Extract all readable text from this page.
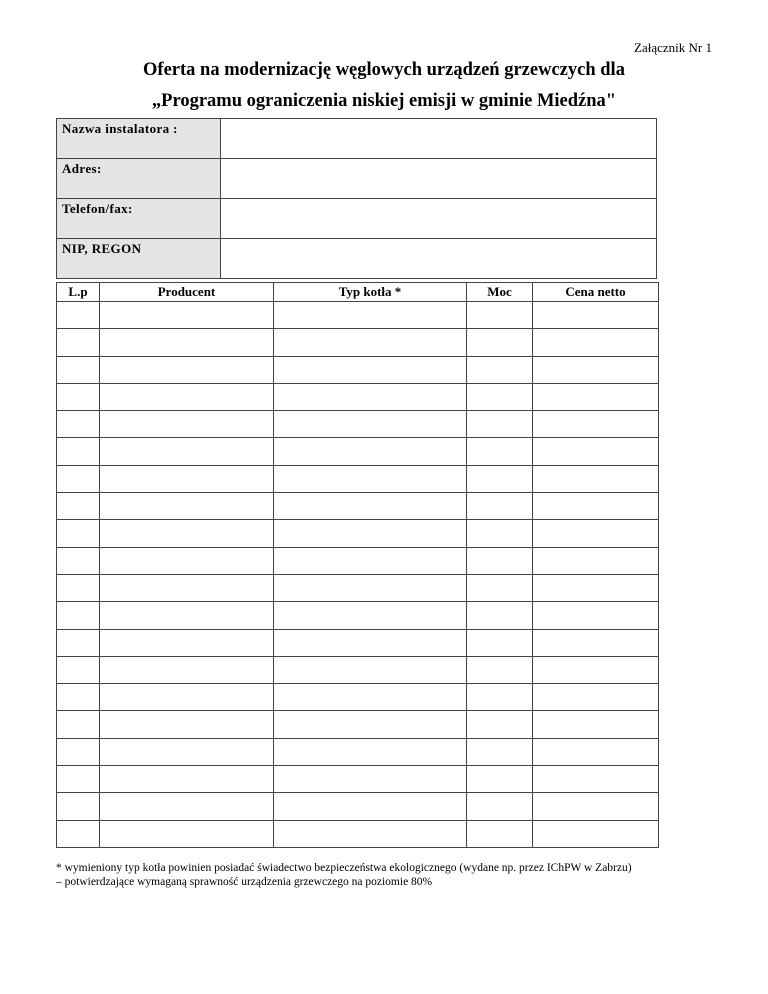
Załącznik Nr 1
Oferta na modernizację węglowych urządzeń grzewczych dla
„Programu ograniczenia niskiej emisji w gminie Miedźna"
Nazwa instalatora :	
Adres:	
Telefon/fax:	
NIP, REGON	
L.p	Producent	Typ kotła *	Moc	Cena netto

* wymieniony typ kotła powinien posiadać świadectwo bezpieczeństwa ekologicznego (wydane np. przez IChPW w Zabrzu)
– potwierdzające wymaganą sprawność urządzenia grzewczego na poziomie 80%
